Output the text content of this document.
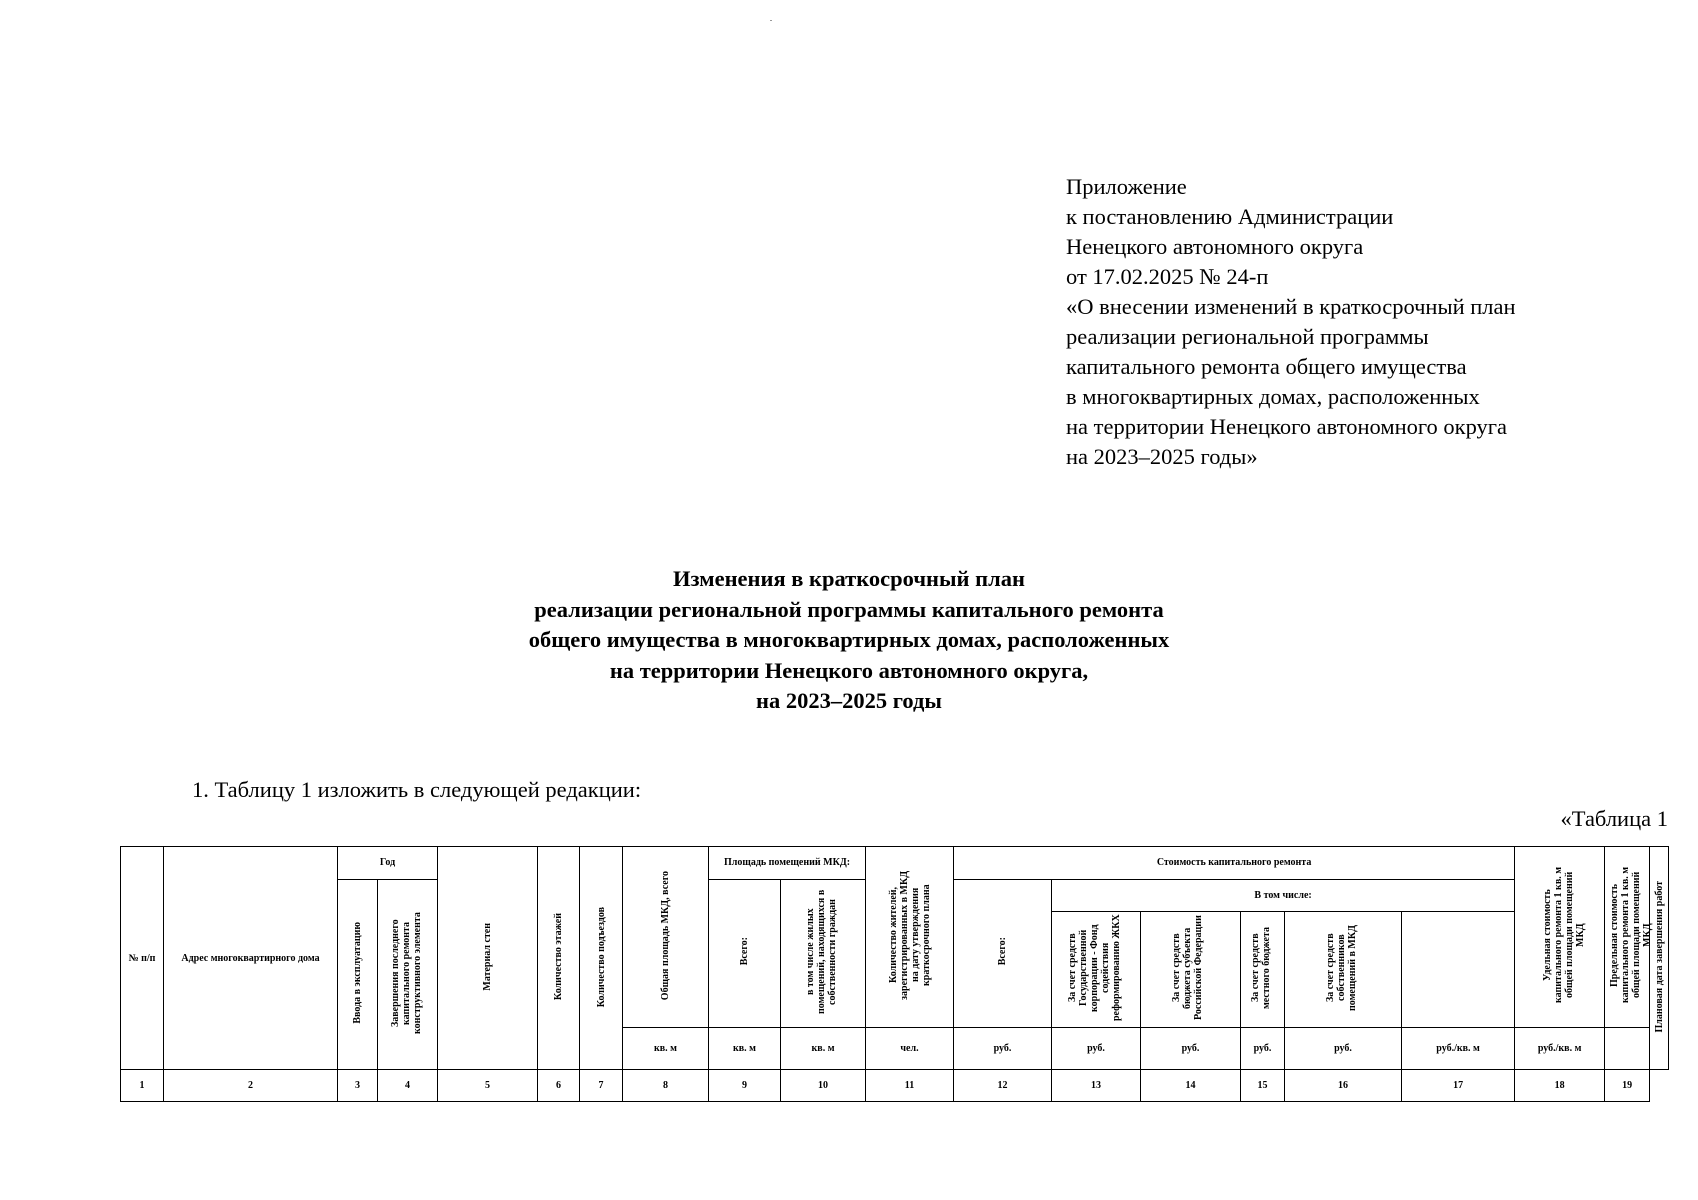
Приложение
к постановлению Администрации
Ненецкого автономного округа
от 17.02.2025 № 24-п
«О внесении изменений в краткосрочный план
реализации региональной программы
капитального ремонта общего имущества
в многоквартирных домах, расположенных
на территории Ненецкого автономного округа
на 2023–2025 годы»
Изменения в краткосрочный план
реализации региональной программы капитального ремонта
общего имущества в многоквартирных домах, расположенных
на территории Ненецкого автономного округа,
на 2023–2025 годы
1. Таблицу 1 изложить в следующей редакции:
«Таблица 1
№ п/п	Адрес многоквартирного дома	Год		Материал стен	Количество этажей	Количество подъездов	Общая площадь МКД, всего	Площадь помещений МКД:		Количество жителей, зарегистрированных в МКД на дату утверждения краткосрочного плана	Стоимость капитального ремонта						Удельная стоимость капитального ремонта 1 кв. м общей площади помещений МКД	Предельная стоимость капитального ремонта 1 кв. м общей площади помещений МКД	Плановая дата завершения работ
		Ввода в эксплуатацию	Завершения последнего капитального ремонта конструктивного элемента					Всего:	в том числе жилых помещений, находящихся в собственности граждан		Всего:	В том числе:							
												За счет средств Государственной корпорации - Фонд содействия реформированию ЖКХ	За счет средств бюджета субъекта Российской Федерации	За счет средств местного бюджета	За счет средств собственников помещений в МКД				
							кв. м	кв. м	кв. м	чел.	руб.	руб.	руб.	руб.	руб.	руб./кв. м	руб./кв. м		
1	2	3	4	5	6	7	8	9	10	11	12	13	14	15	16	17	18	19	
